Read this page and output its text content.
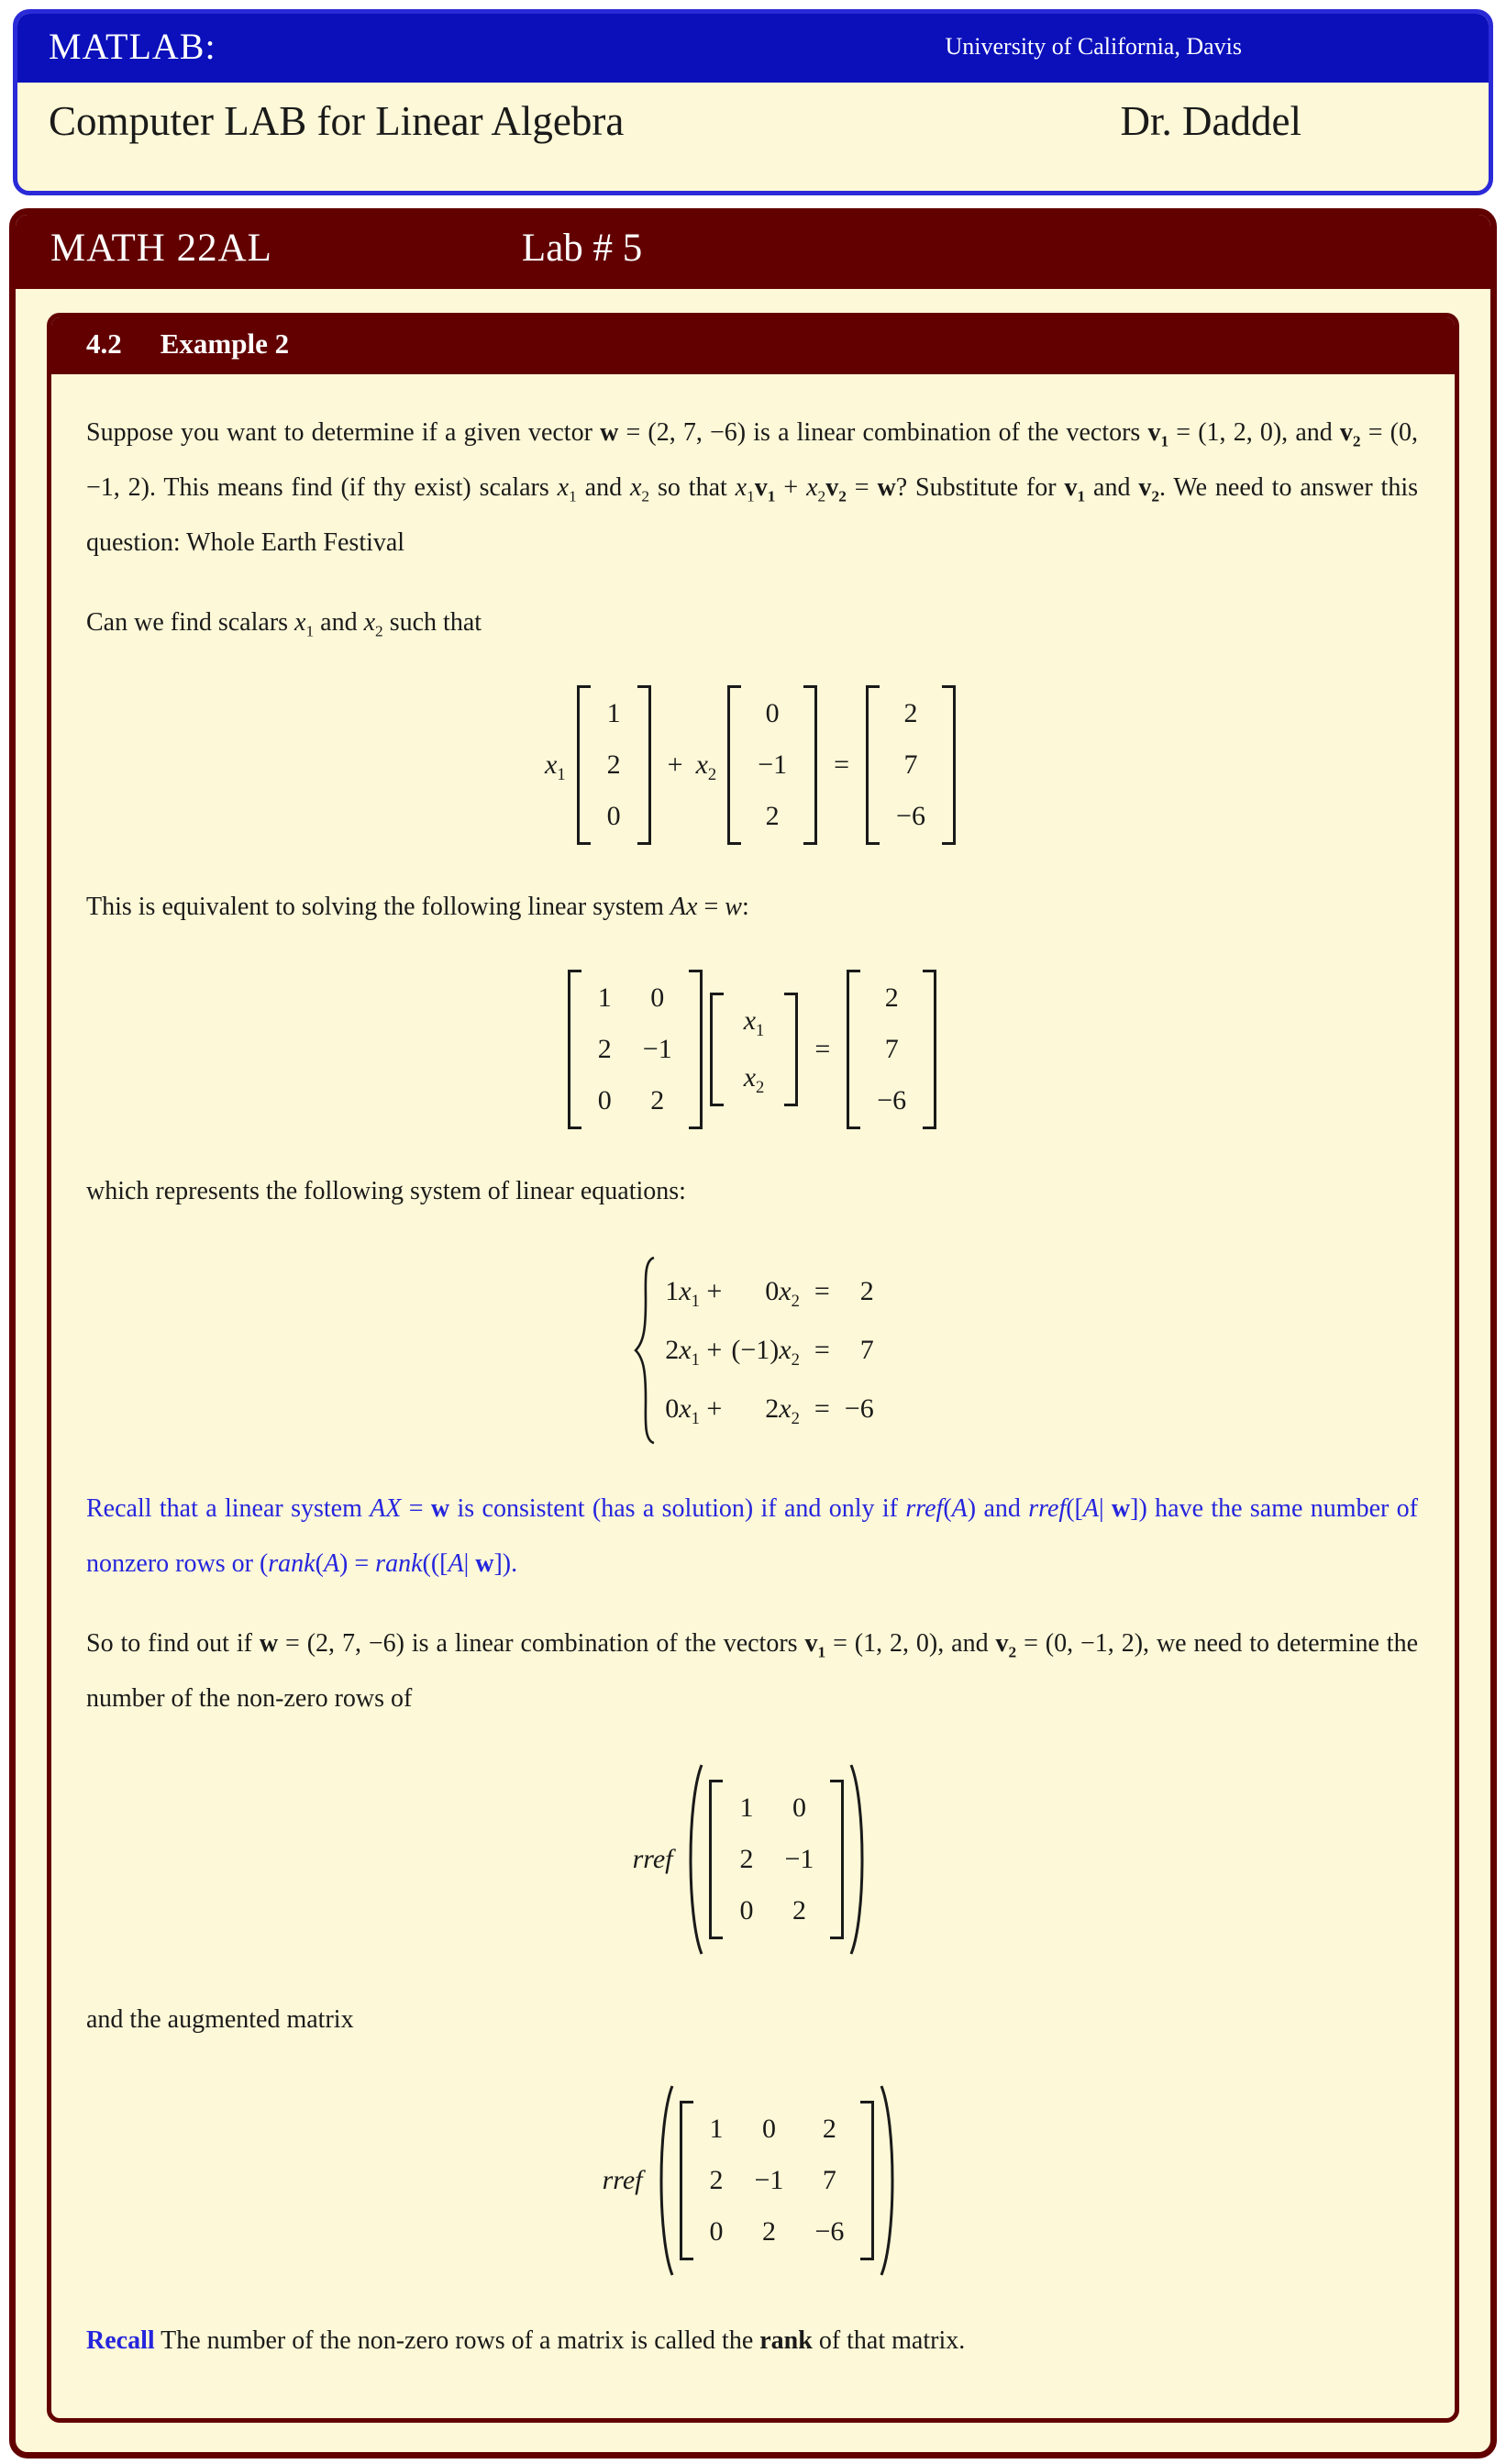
MATLAB:	University of California, Davis
Computer LAB for Linear Algebra	Dr. Daddel
MATH 22AL	Lab # 5
4.2 Example 2

Suppose you want to determine if a given vector w = (2, 7, −6) is a linear combination of the vectors $v_1 = (1$, 2, 0), and $v_2 = (0$, −1, 2). This means find (if thy exist) scalars $x_1$ and $x_2$ so that $x_1v_1 + x_2v_2 = w$? Substitute for $v_1$ and $v_2$. We need to answer this question: Whole Earth Festival

Can we find scalars $x_1$ and $x_2$ such that

$x_1$
1
2
0
+ $x_2$
0
−1
2
=
2
7
−6

This is equivalent to solving the following linear system Ax = w:

1 0
2 −1
0 2
$x_1$
$x_2$
=
2
7
−6

which represents the following system of linear equations:

$1x_1 + 0x_2 = 2$
$2x_1 + (-1)x_2 = 7$
$0x_1 + 2x_2 = -6$

Recall that a linear system AX = w is consistent (has a solution) if and only if rref(A) and rref([A| w]) have the same number of nonzero rows or (rank(A) = rank(([A| w]).

So to find out if w = (2, 7, −6) is a linear combination of the vectors $v_1 = (1$, 2, 0), and $v_2 = (0$, −1, 2), we need to determine the number of the non-zero rows of

rref
1 0
2 −1
0 2

and the augmented matrix

rref
1 0 2
2 −1 7
0 2 −6

Recall The number of the non-zero rows of a matrix is called the rank of that matrix.
